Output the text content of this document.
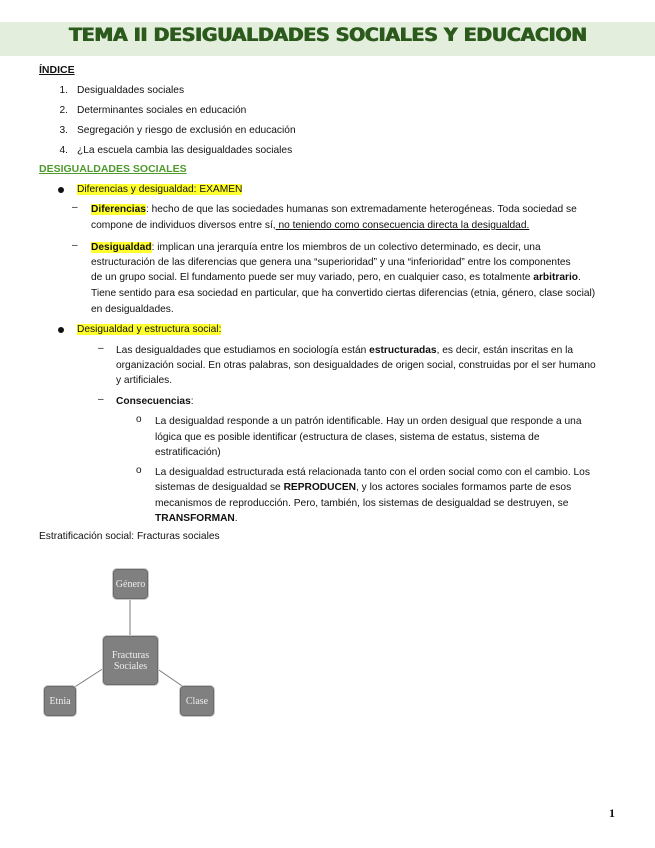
TEMA II DESIGUALDADES SOCIALES Y EDUCACION
ÍNDICE
1. Desigualdades sociales
2. Determinantes sociales en educación
3. Segregación y riesgo de exclusión en educación
4. ¿La escuela cambia las desigualdades sociales
DESIGUALDADES SOCIALES
Diferencias y desigualdad: EXAMEN
– Diferencias: hecho de que las sociedades humanas son extremadamente heterogéneas. Toda sociedad se
compone de individuos diversos entre sí, no teniendo como consecuencia directa la desigualdad.
– Desigualdad: implican una jerarquía entre los miembros de un colectivo determinado, es decir, una
estructuración de las diferencias que genera una “superioridad” y una “inferioridad” entre los componentes
de un grupo social. El fundamento puede ser muy variado, pero, en cualquier caso, es totalmente arbitrario.
Tiene sentido para esa sociedad en particular, que ha convertido ciertas diferencias (etnia, género, clase social)
en desigualdades.
Desigualdad y estructura social:
– Las desigualdades que estudiamos en sociología están estructuradas, es decir, están inscritas en la
organización social. En otras palabras, son desigualdades de origen social, construidas por el ser humano
y artificiales.
– Consecuencias:
o La desigualdad responde a un patrón identificable. Hay un orden desigual que responde a una
lógica que es posible identificar (estructura de clases, sistema de estatus, sistema de
estratificación)
o La desigualdad estructurada está relacionada tanto con el orden social como con el cambio. Los
sistemas de desigualdad se REPRODUCEN, y los actores sociales formamos parte de esos
mecanismos de reproducción. Pero, también, los sistemas de desigualdad se destruyen, se
TRANSFORMAN.
Estratificación social: Fracturas sociales
Género
Fracturas
Sociales
Etnia	Clase
1
